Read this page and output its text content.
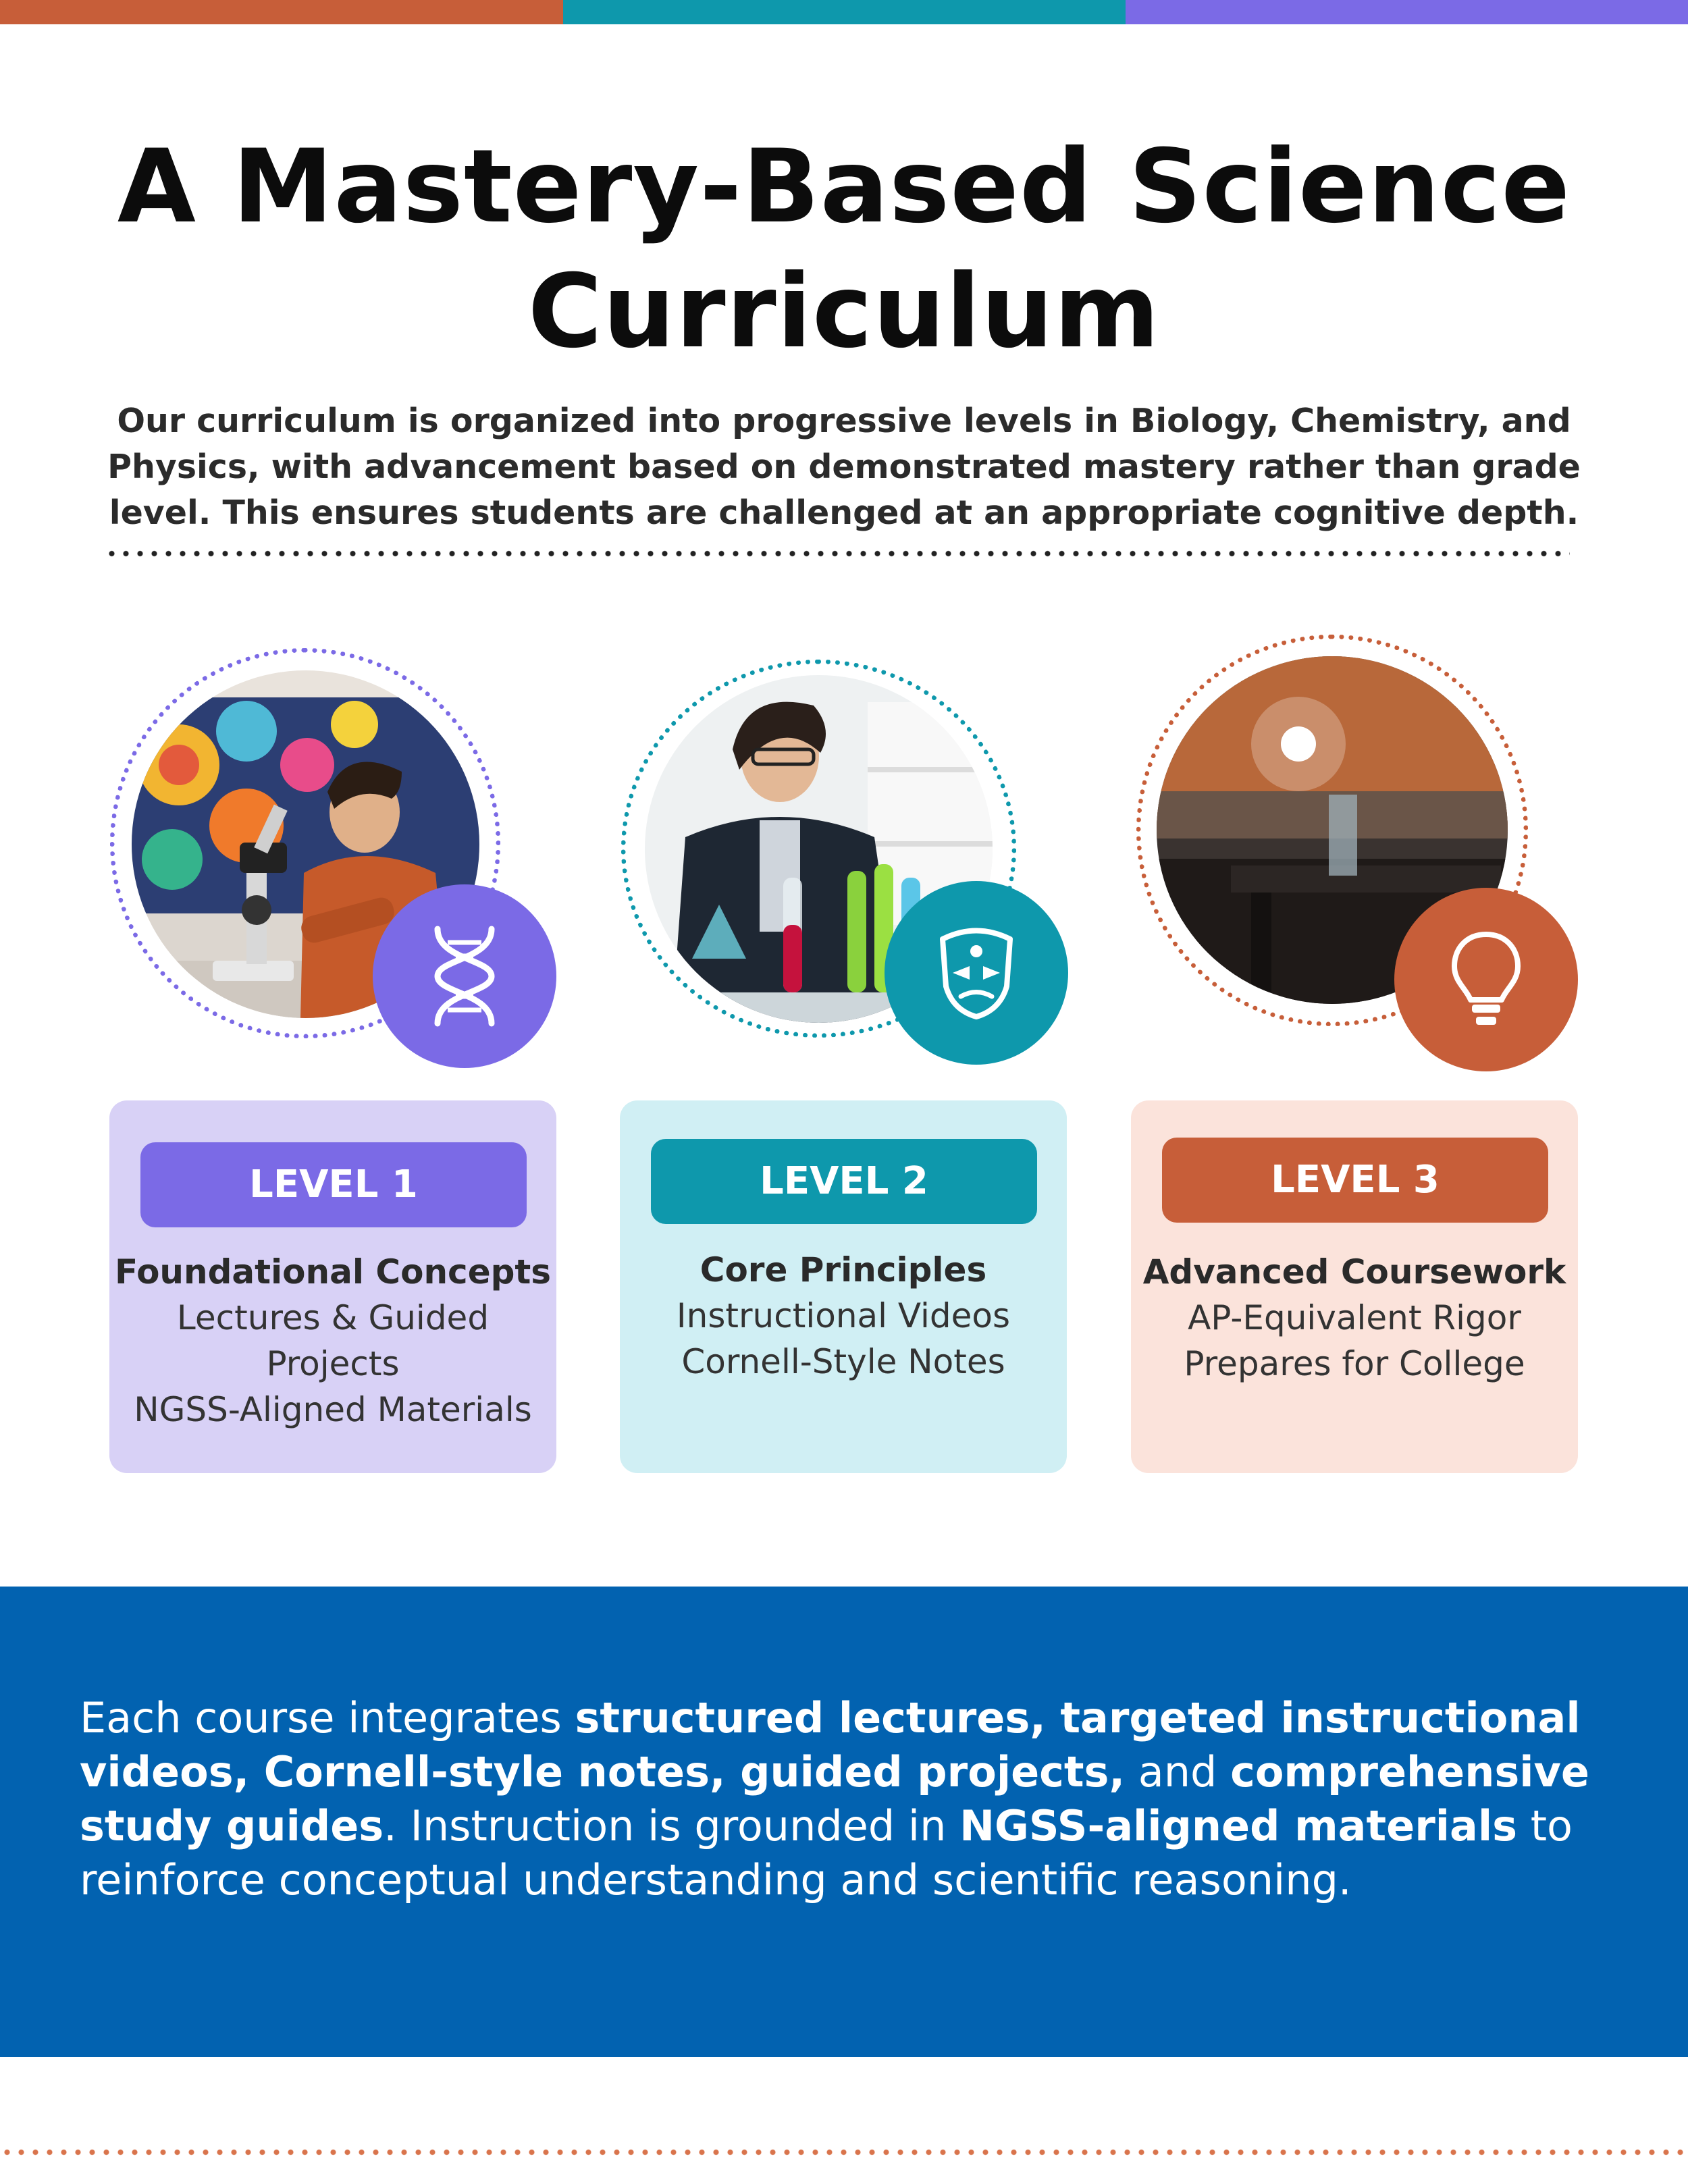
A Mastery-Based Science Curriculum

Our curriculum is organized into progressive levels in Biology, Chemistry, and Physics, with advancement based on demonstrated mastery rather than grade level. This ensures students are challenged at an appropriate cognitive depth.

LEVEL 1
Foundational Concepts
Lectures & Guided
Projects
NGSS-Aligned Materials
LEVEL 2
Core Principles
Instructional Videos
Cornell-Style Notes
LEVEL 3
Advanced Coursework
AP-Equivalent Rigor
Prepares for College

Each course integrates structured lectures, targeted instructional videos, Cornell-style notes, guided projects, and comprehensive study guides. Instruction is grounded in NGSS-aligned materials to reinforce conceptual understanding and scientific reasoning.
